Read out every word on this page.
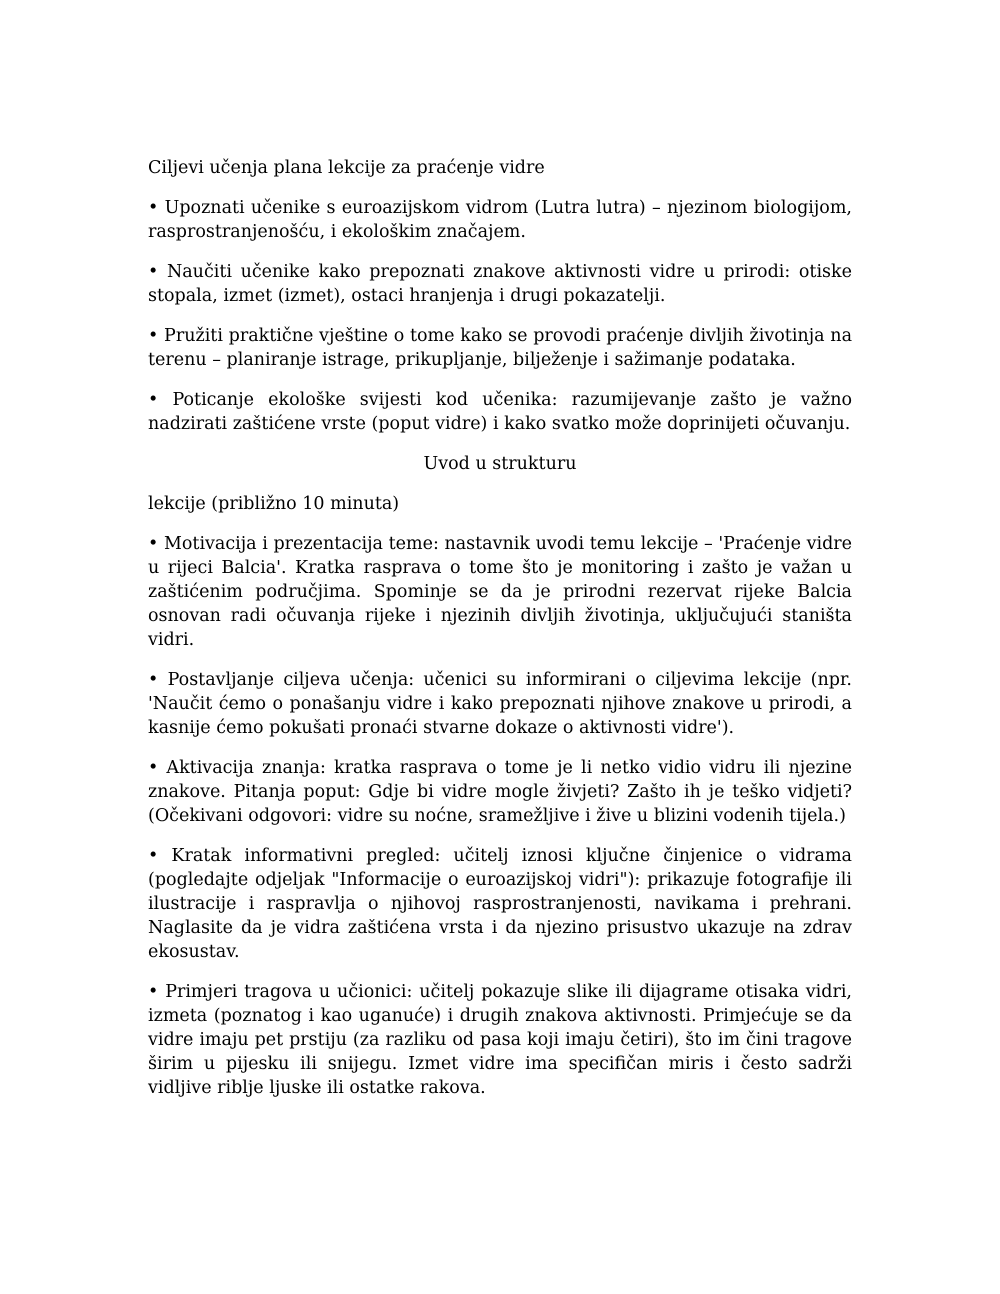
Ciljevi učenja plana lekcije za praćenje vidre

• Upoznati učenike s euroazijskom vidrom (Lutra lutra) – njezinom biologijom, rasprostranjenošću, i ekološkim značajem.

• Naučiti učenike kako prepoznati znakove aktivnosti vidre u prirodi: otiske stopala, izmet (izmet), ostaci hranjenja i drugi pokazatelji.

• Pružiti praktične vještine o tome kako se provodi praćenje divljih životinja na terenu – planiranje istrage, prikupljanje, bilježenje i sažimanje podataka.

• Poticanje ekološke svijesti kod učenika: razumijevanje zašto je važno nadzirati zaštićene vrste (poput vidre) i kako svatko može doprinijeti očuvanju.

Uvod u strukturu

lekcije (približno 10 minuta)

• Motivacija i prezentacija teme: nastavnik uvodi temu lekcije – 'Praćenje vidre u rijeci Balcia'. Kratka rasprava o tome što je monitoring i zašto je važan u zaštićenim područjima. Spominje se da je prirodni rezervat rijeke Balcia osnovan radi očuvanja rijeke i njezinih divljih životinja, uključujući staništa vidri.

• Postavljanje ciljeva učenja: učenici su informirani o ciljevima lekcije (npr. 'Naučit ćemo o ponašanju vidre i kako prepoznati njihove znakove u prirodi, a kasnije ćemo pokušati pronaći stvarne dokaze o aktivnosti vidre').

• Aktivacija znanja: kratka rasprava o tome je li netko vidio vidru ili njezine znakove. Pitanja poput: Gdje bi vidre mogle živjeti? Zašto ih je teško vidjeti? (Očekivani odgovori: vidre su noćne, sramežljive i žive u blizini vodenih tijela.)

• Kratak informativni pregled: učitelj iznosi ključne činjenice o vidrama (pogledajte odjeljak "Informacije o euroazijskoj vidri"): prikazuje fotografije ili ilustracije i raspravlja o njihovoj rasprostranjenosti, navikama i prehrani. Naglasite da je vidra zaštićena vrsta i da njezino prisustvo ukazuje na zdrav ekosustav.

• Primjeri tragova u učionici: učitelj pokazuje slike ili dijagrame otisaka vidri, izmeta (poznatog i kao uganuće) i drugih znakova aktivnosti. Primjećuje se da vidre imaju pet prstiju (za razliku od pasa koji imaju četiri), što im čini tragove širim u pijesku ili snijegu. Izmet vidre ima specifičan miris i često sadrži vidljive riblje ljuske ili ostatke rakova.
